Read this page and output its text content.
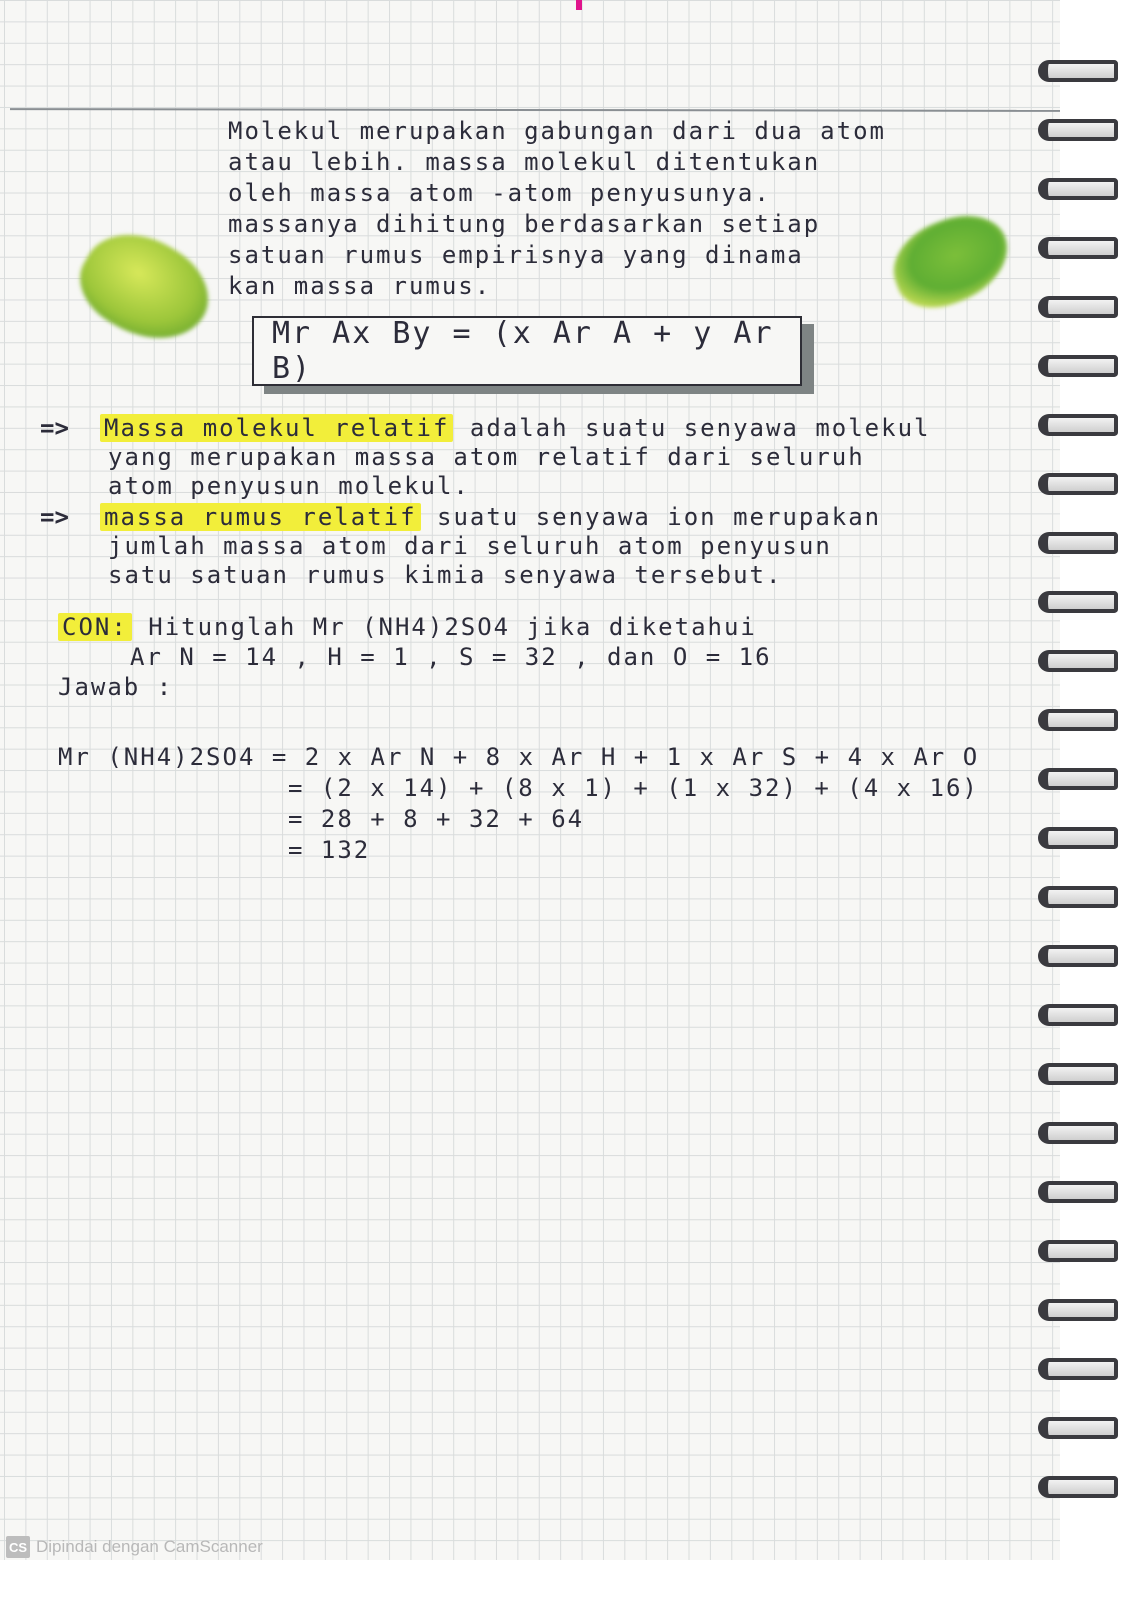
Molekul merupakan gabungan dari dua atom
atau lebih. massa molekul ditentukan
oleh massa atom -atom penyusunya.
massanya dihitung berdasarkan setiap
satuan rumus empirisnya yang dinama
kan massa rumus.

Mr Ax By = (x Ar A + y Ar B)

=> Massa molekul relatif adalah suatu senyawa molekul
yang merupakan massa atom relatif dari seluruh
atom penyusun molekul.

=> massa rumus relatif suatu senyawa ion merupakan
jumlah massa atom dari seluruh atom penyusun
satu satuan rumus kimia senyawa tersebut.

CON: Hitunglah Mr (NH4)2SO4 jika diketahui
Ar N = 14 , H = 1 , S = 32 , dan O = 16
Jawab :

Mr (NH4)2SO4 = 2 x Ar N + 8 x Ar H + 1 x Ar S + 4 x Ar O
= (2 x 14) + (8 x 1) + (1 x 32) + (4 x 16)
= 28 + 8 + 32 + 64
= 132

CS Dipindai dengan CamScanner
